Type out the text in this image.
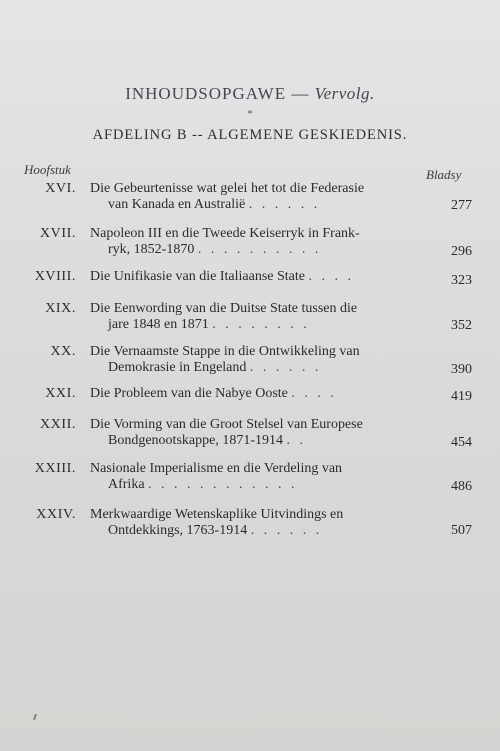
INHOUDSOPGAWE — Vervolg.
*
AFDELING B -- ALGEMENE GESKIEDENIS.
Hoofstuk	Bladsy
XVI. Die Gebeurtenisse wat gelei het tot die Federasie
van Kanada en Australië . . . . . .	277
XVII. Napoleon III en die Tweede Keiserryk in Frank-
ryk, 1852-1870 . . . . . . . . . .	296
XVIII. Die Unifikasie van die Italiaanse State
. . . .	323
XIX. Die Eenwording van die Duitse State tussen die
jare 1848 en 1871 . . . . . . . .	352
XX. Die Vernaamste Stappe in die Ontwikkeling van
Demokrasie in Engeland . . . . . .	390
XXI. Die Probleem van die Nabye Ooste
. . . .	419
XXII. Die Vorming van die Groot Stelsel van Europese
Bondgenootskappe, 1871-1914 . .	454
XXIII. Nasionale Imperialisme en die Verdeling van
Afrika . . . . . . . . . . . .	486
XXIV. Merkwaardige Wetenskaplike Uitvindings en
Ontdekkings, 1763-1914 . . . . . .	507
